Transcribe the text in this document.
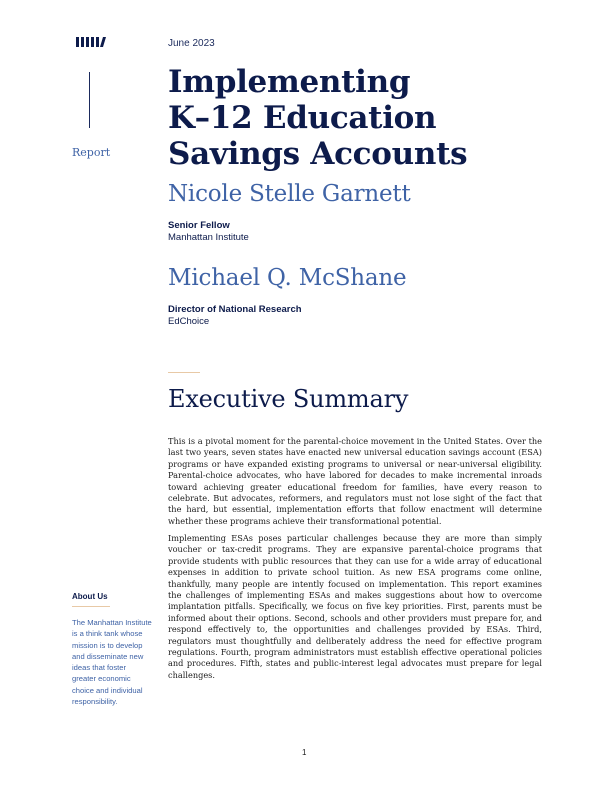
June 2023
Report
Implementing
K–12 Education
Savings Accounts
Nicole Stelle Garnett
Senior Fellow
Manhattan Institute
Michael Q. McShane
Director of National Research
EdChoice
Executive Summary

This is a pivotal moment for the parental-choice movement in the United States. Over the last two years, seven states have enacted new universal education savings account (ESA) programs or have expanded existing programs to universal or near-universal eligibility. Parental-choice advocates, who have labored for decades to make incremental inroads toward achieving greater educational freedom for families, have every reason to celebrate. But advocates, reformers, and regulators must not lose sight of the fact that the hard, but essential, implementation efforts that follow enactment will determine whether these programs achieve their transformational potential.

Implementing ESAs poses particular challenges because they are more than simply voucher or tax-credit programs. They are expansive parental-choice programs that provide students with public resources that they can use for a wide array of educational expenses in addition to private school tuition. As new ESA programs come online, thankfully, many people are intently focused on implementation. This report examines the challenges of implementing ESAs and makes suggestions about how to overcome implantation pitfalls. Specifically, we focus on five key priorities. First, parents must be informed about their options. Second, schools and other providers must prepare for, and respond effectively to, the opportunities and challenges provided by ESAs. Third, regulators must thoughtfully and deliberately address the need for effective program regulations. Fourth, program administrators must establish effective operational policies and procedures. Fifth, states and public-interest legal advocates must prepare for legal challenges.

About Us

The Manhattan Institute is a think tank whose mission is to develop and disseminate new ideas that foster greater economic choice and individual responsibility.

1
